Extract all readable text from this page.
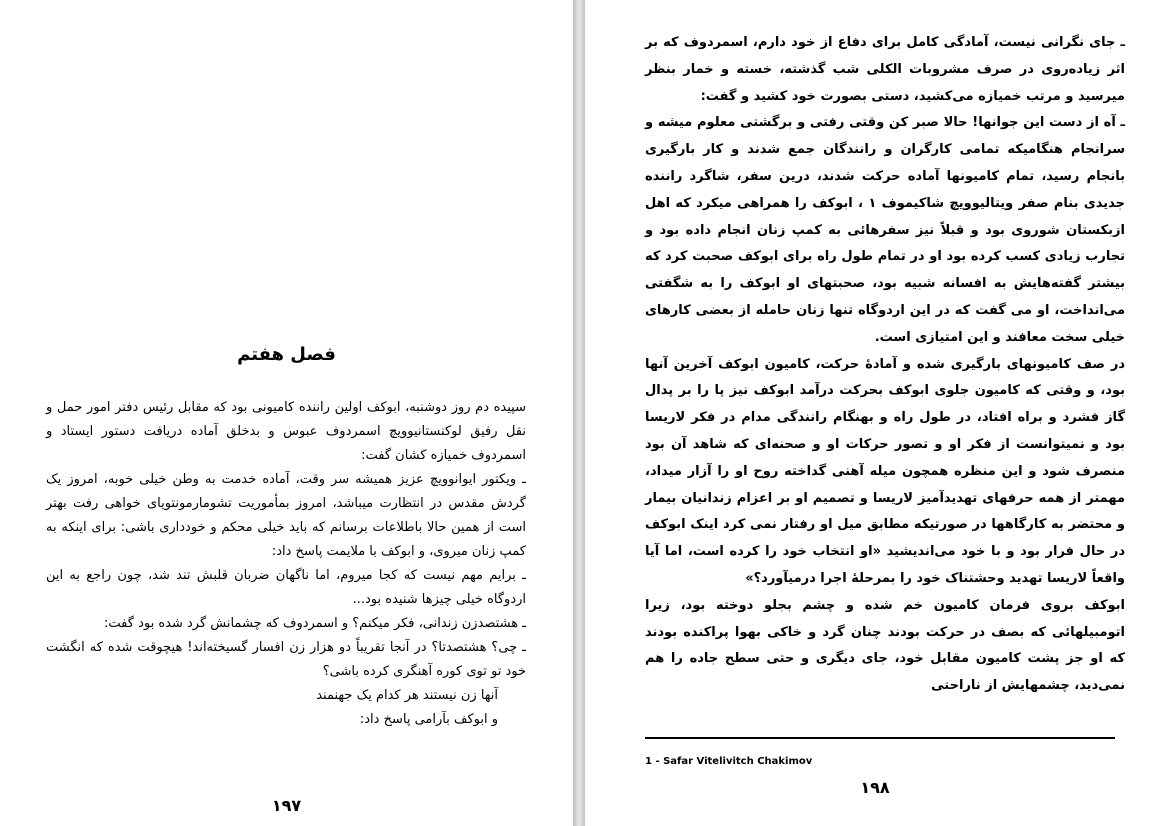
فصل هفتم

سپیده دم روز دوشنبه، ابوکف اولین راننده کامیونی بود که مقابل رئیس دفتر امور حمل و نقل رفیق لوکنستانیوویچ اسمردوف عبوس و بدخلق آماده دریافت دستور ایستاد و اسمردوف خمیازه کشان گفت:

ـ ویکتور ایوانوویچ عزیز همیشه سر وقت، آماده خدمت به وطن خیلی خوبه، امروز یک گردش مقدس در انتظارت میباشد، امروز بمأموریت تشومارمونتویای خواهی رفت بهتر است از همین حالا باطلاعات برسانم که باید خیلی محکم و خودداری باشی: برای اینکه به کمپ زنان میروی، و ابوکف با ملایمت پاسخ داد:

ـ برایم مهم نیست که کجا میروم، اما ناگهان ضربان قلبش تند شد، چون راجع به این اردوگاه خیلی چیزها شنیده بود...

ـ هشتصدزن زندانی، فکر میکنم؟ و اسمردوف که چشمانش گرد شده بود گفت:

ـ چی؟ هشتصدتا؟ در آنجا تقریباً دو هزار زن افسار گسیخته‌اند! هیچوقت شده که انگشت خود تو توی کوره آهنگری کرده باشی؟

آنها زن نیستند هر کدام یک جهنمند

و ابوکف بآرامی پاسخ داد:

۱۹۷

ـ جای نگرانی نیست، آمادگی کامل برای دفاع از خود دارم، اسمردوف که بر اثر زیاده‌روی در صرف مشروبات الکلی شب گذشته، خسته و خمار بنظر میرسید و مرتب خمیازه می‌کشید، دستی بصورت خود کشید و گفت:

ـ آه از دست این جوانها! حالا صبر کن وقتی رفتی و برگشتی معلوم میشه و سرانجام هنگامیکه تمامی کارگران و رانندگان جمع شدند و کار بارگیری بانجام رسید، تمام کامیونها آماده حرکت شدند، درین سفر، شاگرد راننده جدیدی بنام صفر ویتالیوویچ شاکیموف ۱ ، ابوکف را همراهی میکرد که اهل ازبکستان شوروی بود و قبلاً نیز سفرهائی به کمپ زنان انجام داده بود و تجارب زیادی کسب کرده بود او در تمام طول راه برای ابوکف صحبت کرد که بیشتر گفته‌هایش به افسانه شبیه بود، صحبتهای او ابوکف را به شگفتی می‌انداخت، او می گفت که در این اردوگاه تنها زنان حامله از بعضی کارهای خیلی سخت معافند و این امتیازی است.

در صف کامیونهای بارگیری شده و آمادهٔ حرکت، کامیون ابوکف آخرین آنها بود، و وقتی که کامیون جلوی ابوکف بحرکت درآمد ابوکف نیز پا را بر پدال گاز فشرد و براه افتاد، در طول راه و بهنگام رانندگی مدام در فکر لاریسا بود و نمیتوانست از فکر او و تصور حرکات او و صحنه‌ای که شاهد آن بود منصرف شود و این منظره همچون میله آهنی گداخته روح او را آزار میداد، مهمتر از همه حرفهای تهدیدآمیز لاریسا و تصمیم او بر اعزام زندانیان بیمار و محتضر به کارگاهها در صورتیکه مطابق میل او رفتار نمی کرد اینک ابوکف در حال فرار بود و با خود می‌اندیشید «او انتخاب خود را کرده است، اما آیا واقعاً لاریسا تهدید وحشتناک خود را بمرحلهٔ اجرا درمیآورد؟»

ابوکف بروی فرمان کامیون خم شده و چشم بجلو دوخته بود، زیرا اتومبیلهائی که بصف در حرکت بودند چنان گرد و خاکی بهوا پراکنده بودند که او جز پشت کامیون مقابل خود، جای دیگری و حتی سطح جاده را هم نمی‌دید، چشمهایش از ناراحتی

1 - Safar Vitelivitch Chakimov
۱۹۸
